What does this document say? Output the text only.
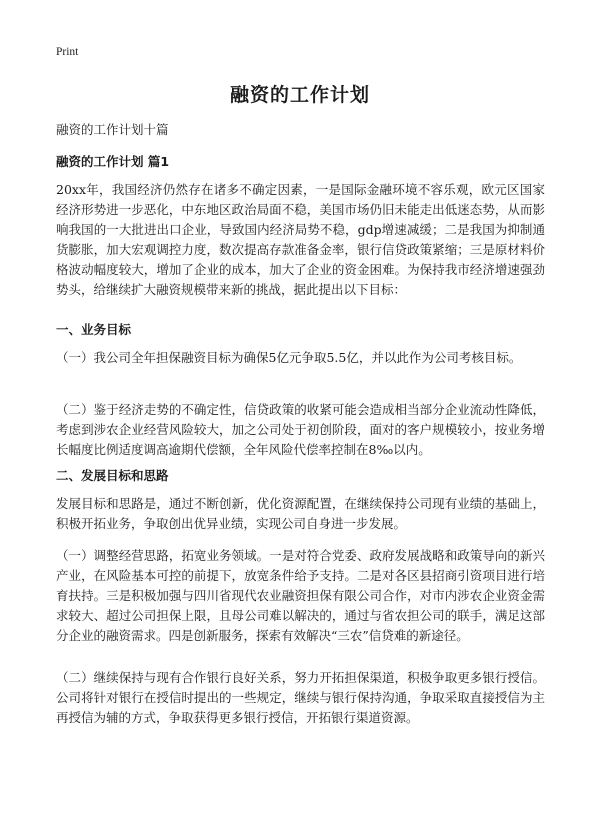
Print
融资的工作计划
融资的工作计划十篇
融资的工作计划 篇1
20xx年，我国经济仍然存在诸多不确定因素，一是国际金融环境不容乐观，欧元区国家经济形势进一步恶化，中东地区政治局面不稳，美国市场仍旧未能走出低迷态势，从而影响我国的一大批进出口企业，导致国内经济局势不稳，gdp增速减缓；二是我国为抑制通货膨胀，加大宏观调控力度，数次提高存款准备金率，银行信贷政策紧缩；三是原材料价格波动幅度较大，增加了企业的成本，加大了企业的资金困难。为保持我市经济增速强劲势头，给继续扩大融资规模带来新的挑战，据此提出以下目标：
一、业务目标
（一）我公司全年担保融资目标为确保5亿元争取5.5亿，并以此作为公司考核目标。
（二）鉴于经济走势的不确定性，信贷政策的收紧可能会造成相当部分企业流动性降低，考虑到涉农企业经营风险较大，加之公司处于初创阶段，面对的客户规模较小，按业务增长幅度比例适度调高逾期代偿额，全年风险代偿率控制在8‰以内。
二、发展目标和思路
发展目标和思路是，通过不断创新，优化资源配置，在继续保持公司现有业绩的基础上，积极开拓业务，争取创出优异业绩，实现公司自身进一步发展。
（一）调整经营思路，拓宽业务领域。一是对符合党委、政府发展战略和政策导向的新兴产业，在风险基本可控的前提下，放宽条件给予支持。二是对各区县招商引资项目进行培育扶持。三是积极加强与四川省现代农业融资担保有限公司合作，对市内涉农企业资金需求较大、超过公司担保上限，且母公司难以解决的，通过与省农担公司的联手，满足这部分企业的融资需求。四是创新服务，探索有效解决“三农”信贷难的新途径。
（二）继续保持与现有合作银行良好关系，努力开拓担保渠道，积极争取更多银行授信。公司将针对银行在授信时提出的一些规定，继续与银行保持沟通，争取采取直接授信为主再授信为辅的方式，争取获得更多银行授信，开拓银行渠道资源。
